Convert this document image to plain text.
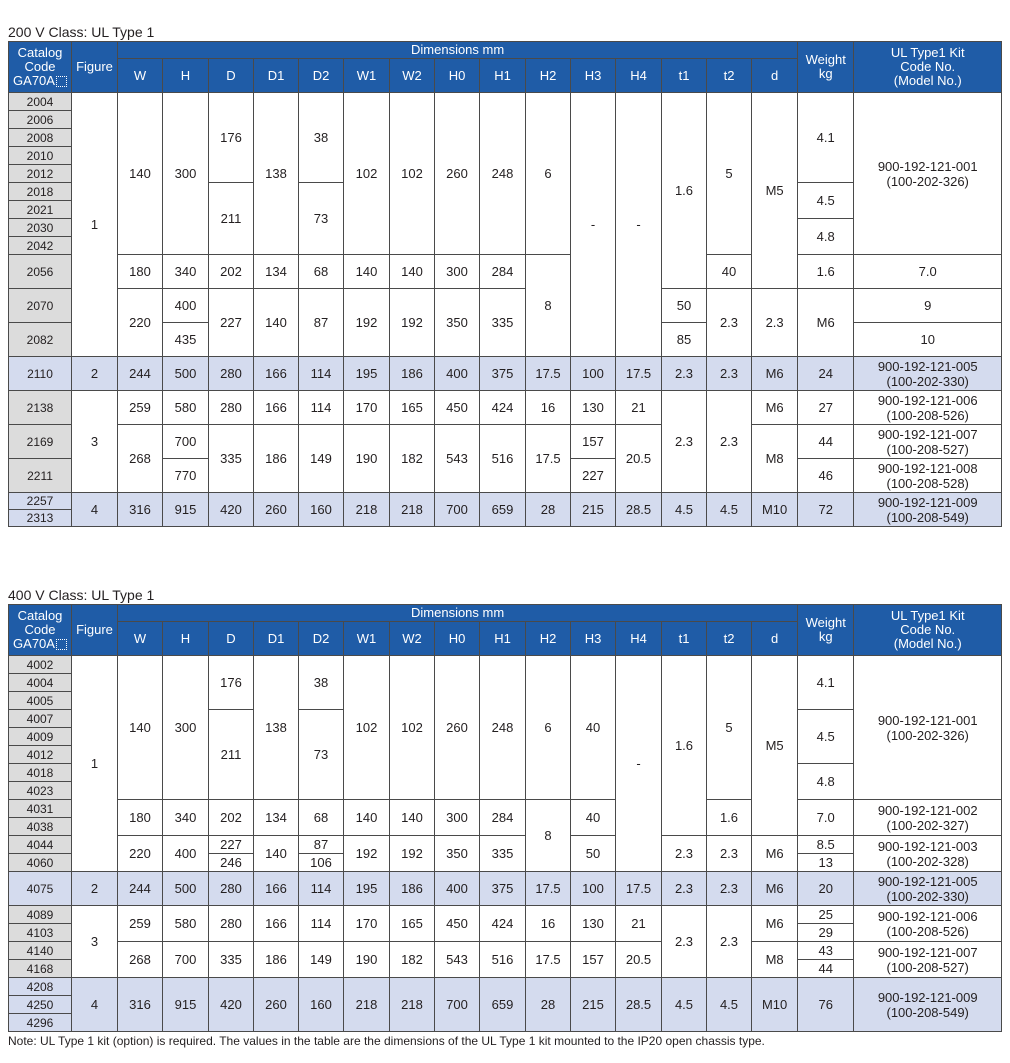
200 V Class: UL Type 1
Catalog
Code
GA70A	Figure	Dimensions mm															Weight
kg	UL Type1 Kit
Code No.
(Model No.)	
		W	H	D	D1	D2	W1	W2	H0	H1	H2	H3	H4	t1	t2	d			
2004	1	140	300	176	138	38	102	102	260	248	6	-	-	1.6	5	M5	4.1	900-192-121-001
(100-202-326)	
2006																			
2008																			
2010																			
2012																			
2018				211		73											4.5		
2021																			
2030																	4.8		
2042																			
2056		180	340	202	134	68	140	140	300	284	8				40		1.6	7.0	

2070		220	400	227	140	87	192	192	350	335				50	2.3	2.3	M6	9	

2082			435											85				10	

2110	2	244	500	280	166	114	195	186	400	375	17.5	100	17.5	2.3	2.3	M6	24	900-192-121-005
(100-202-330)	
2138	3	259	580	280	166	114	170	165	450	424	16	130	21	2.3	2.3	M6	27	900-192-121-006
(100-208-526)	
2169		268	700	335	186	149	190	182	543	516	17.5	157	20.5			M8	44	900-192-121-007
(100-208-527)	
2211			770									227					46	900-192-121-008
(100-208-528)	
2257	4	316	915	420	260	160	218	218	700	659	28	215	28.5	4.5	4.5	M10	72	900-192-121-009
(100-208-549)	
2313																			
400 V Class: UL Type 1
Catalog
Code
GA70A	Figure	Dimensions mm															Weight
kg	UL Type1 Kit
Code No.
(Model No.)
		W	H	D	D1	D2	W1	W2	H0	H1	H2	H3	H4	t1	t2	d		
4002	1	140	300	176	138	38	102	102	260	248	6	40	-	1.6	5	M5	4.1	900-192-121-001
(100-202-326)
4004																		
4005																		
4007				211		73											4.5	
4009																		
4012																		
4018																	4.8	
4023																		
4031		180	340	202	134	68	140	140	300	284	8	40			1.6		7.0	900-192-121-002
(100-202-327)
4038																		
4044		220	400	227	140	87	192	192	350	335		50		2.3	2.3	M6	8.5	900-192-121-003
(100-202-328)
4060				246		106											13	
4075	2	244	500	280	166	114	195	186	400	375	17.5	100	17.5	2.3	2.3	M6	20	900-192-121-005
(100-202-330)
4089	3	259	580	280	166	114	170	165	450	424	16	130	21	2.3	2.3	M6	25	900-192-121-006
(100-208-526)
4103																	29	
4140		268	700	335	186	149	190	182	543	516	17.5	157	20.5			M8	43	900-192-121-007
(100-208-527)
4168																	44	
4208	4	316	915	420	260	160	218	218	700	659	28	215	28.5	4.5	4.5	M10	76	900-192-121-009
(100-208-549)
4250																		
4296																		
Note: UL Type 1 kit (option) is required. The values in the table are the dimensions of the UL Type 1 kit mounted to the IP20 open chassis type.
